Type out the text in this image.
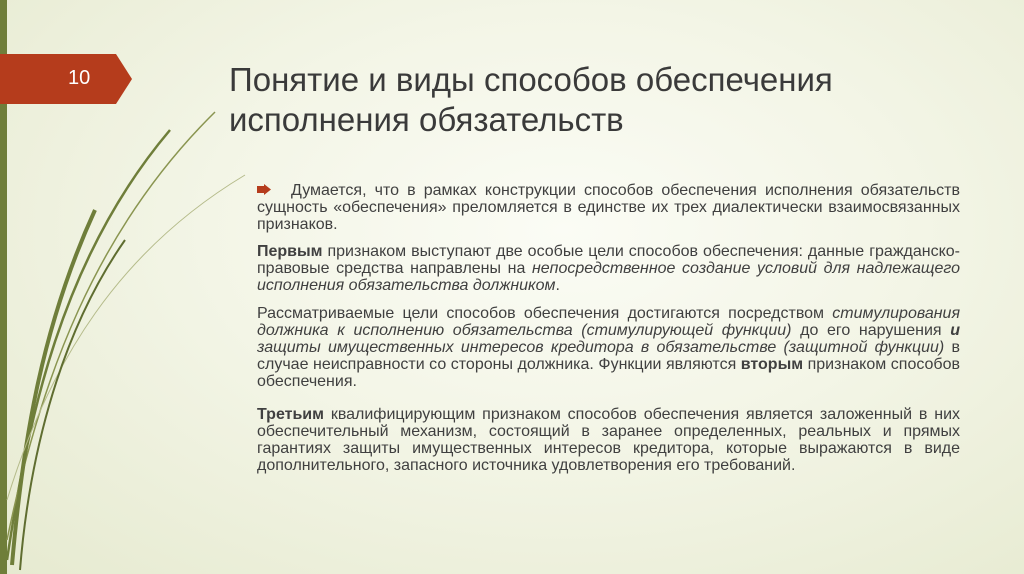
10	Понятие и виды способов обеспечения исполнения обязательств

Думается, что в рамках конструкции способов обеспечения исполнения обязательств сущность «обеспечения» преломляется в единстве их трех диалектически взаимосвязанных признаков.

Первым признаком выступают две особые цели способов обеспечения: данные гражданско-правовые средства направлены на непосредственное создание условий для надлежащего исполнения обязательства должником.

Рассматриваемые цели способов обеспечения достигаются посредством стимулирования должника к исполнению обязательства (стимулирующей функции) до его нарушения и защиты имущественных интересов кредитора в обязательстве (защитной функции) в случае неисправности со стороны должника. Функции являются вторым признаком способов обеспечения.

Третьим квалифицирующим признаком способов обеспечения является заложенный в них обеспечительный механизм, состоящий в заранее определенных, реальных и прямых гарантиях защиты имущественных интересов кредитора, которые выражаются в виде дополнительного, запасного источника удовлетворения его требований.
